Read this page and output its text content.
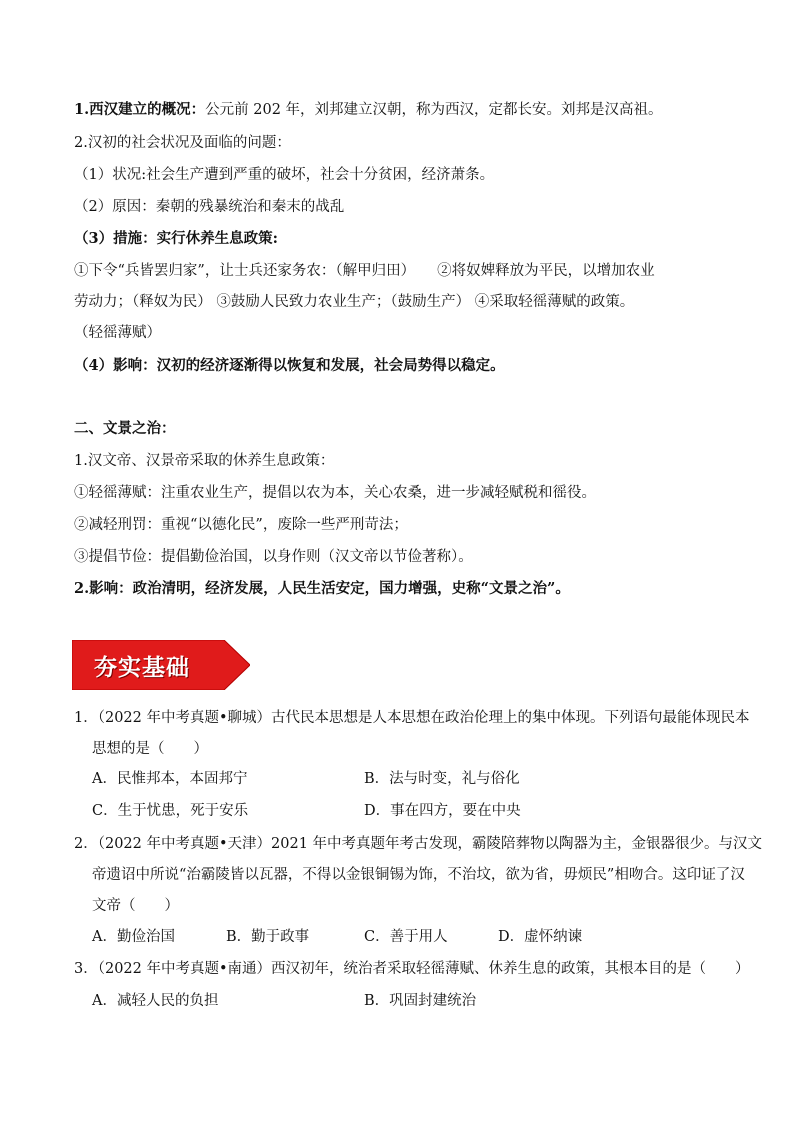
1.西汉建立的概况：公元前 202 年，刘邦建立汉朝，称为西汉，定都长安。刘邦是汉高祖。
2.汉初的社会状况及面临的问题：
（1）状况:社会生产遭到严重的破坏，社会十分贫困，经济萧条。
（2）原因：秦朝的残暴统治和秦末的战乱
（3）措施：实行休养生息政策:
①下令“兵皆罢归家”，让士兵还家务农：（解甲归田） ②将奴婢释放为平民，以增加农业
劳动力；（释奴为民） ③鼓励人民致力农业生产；（鼓励生产） ④采取轻徭薄赋的政策。
（轻徭薄赋）
（4）影响：汉初的经济逐渐得以恢复和发展，社会局势得以稳定。
二、文景之治：
1.汉文帝、汉景帝采取的休养生息政策：
①轻徭薄赋：注重农业生产，提倡以农为本，关心农桑，进一步减轻赋税和徭役。
②减轻刑罚：重视“以德化民”，废除一些严刑苛法；
③提倡节俭：提倡勤俭治国，以身作则（汉文帝以节俭著称）。
2.影响：政治清明，经济发展，人民生活安定，国力增强，史称“文景之治”。
夯实基础
1．（2022 年中考真题•聊城）古代民本思想是人本思想在政治伦理上的集中体现。下列语句最能体现民本
思想的是（　　）
A．民惟邦本，本固邦宁	B．法与时变，礼与俗化
C．生于忧患，死于安乐	D．事在四方，要在中央
2．（2022 年中考真题•天津）2021 年中考真题年考古发现，霸陵陪葬物以陶器为主，金银器很少。与汉文
帝遗诏中所说“治霸陵皆以瓦器，不得以金银铜锡为饰，不治坟，欲为省，毋烦民”相吻合。这印证了汉
文帝（　　）
A．勤俭治国	B．勤于政事	C．善于用人	D．虚怀纳谏
3．（2022 年中考真题•南通）西汉初年，统治者采取轻徭薄赋、休养生息的政策，其根本目的是（　　）
A．减轻人民的负担	B．巩固封建统治
